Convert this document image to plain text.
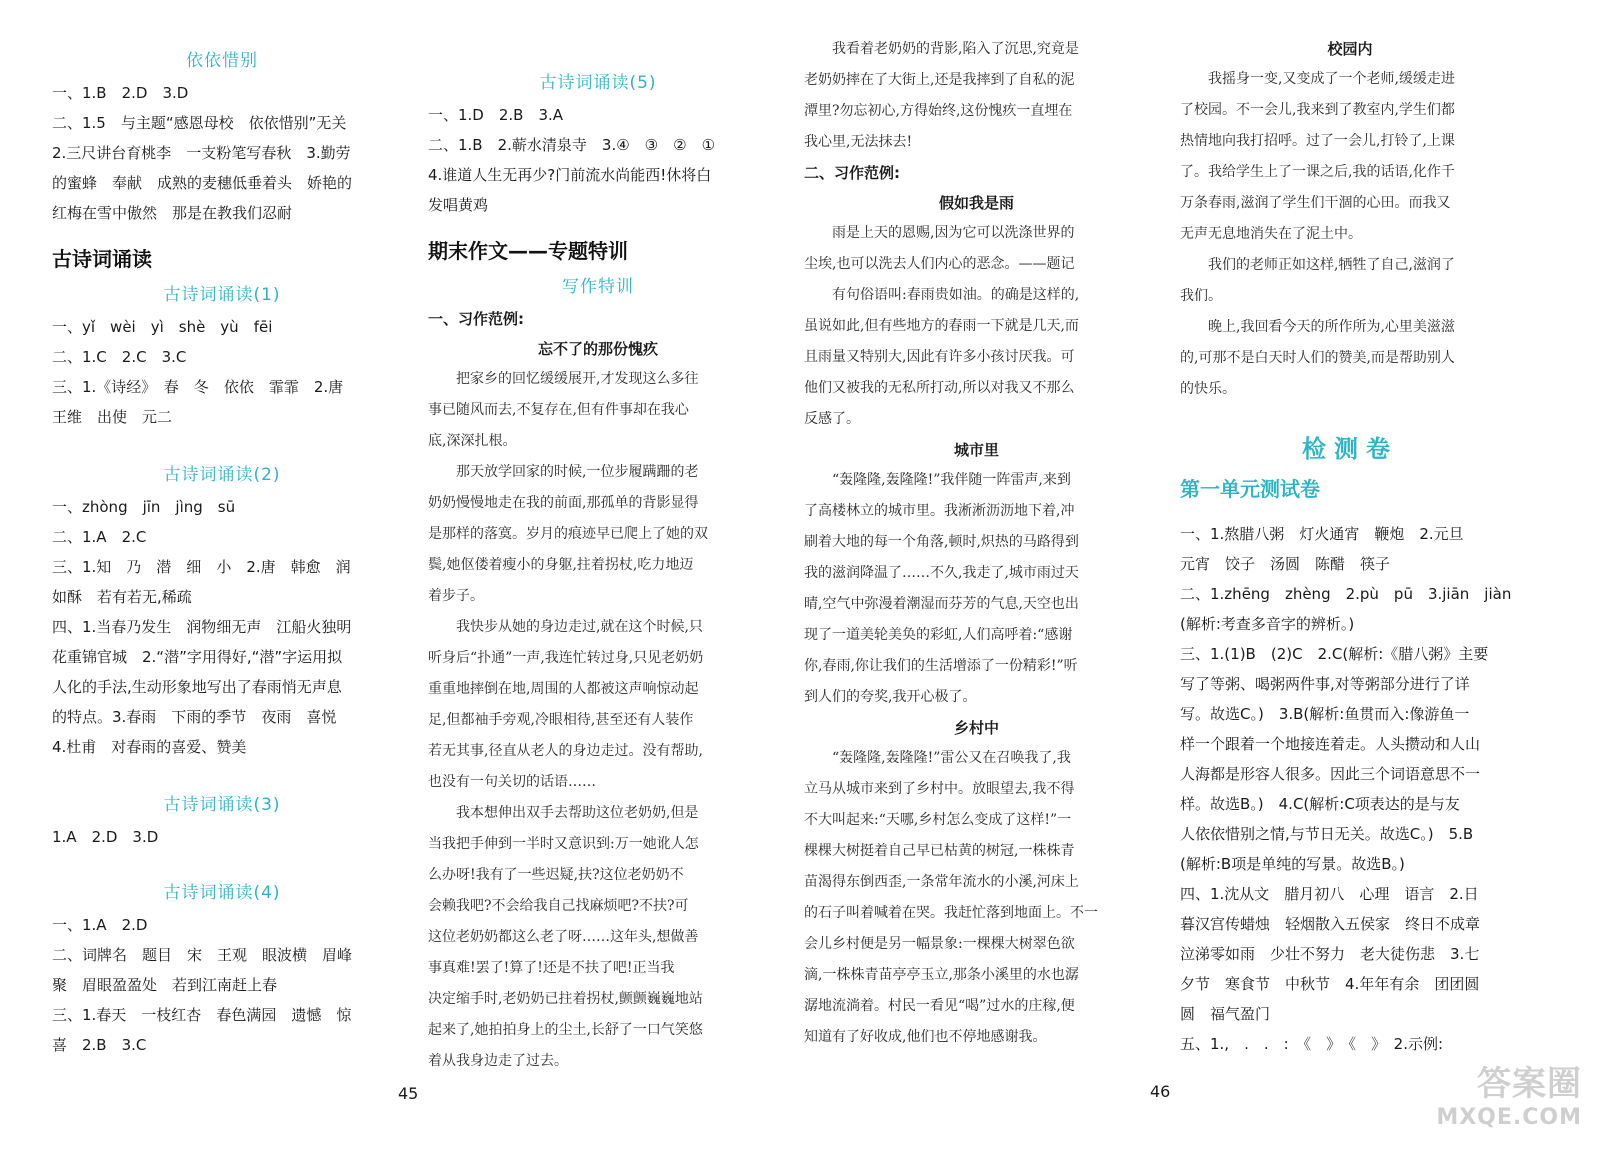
依依惜别
一、1.B　2.D　3.D
二、1.5　与主题“感恩母校　依依惜别”无关
2.三尺讲台育桃李　一支粉笔写春秋　3.勤劳
的蜜蜂　奉献　成熟的麦穗低垂着头　娇艳的
红梅在雪中傲然　那是在教我们忍耐
古诗词诵读
古诗词诵读(1)
一、yǐ　wèi　yì　shè　yù　fēi
二、1.C　2.C　3.C
三、1.《诗经》　春　冬　依依　霏霏　2.唐
王维　出使　元二
古诗词诵读(2)
一、zhòng　jīn　jìng　sū
二、1.A　2.C
三、1.知　乃　潜　细　小　2.唐　韩愈　润
如酥　若有若无,稀疏
四、1.当春乃发生　润物细无声　江船火独明
花重锦官城　2.“潜”字用得好,“潜”字运用拟
人化的手法,生动形象地写出了春雨悄无声息
的特点。3.春雨　下雨的季节　夜雨　喜悦
4.杜甫　对春雨的喜爱、赞美
古诗词诵读(3)
1.A　2.D　3.D
古诗词诵读(4)
一、1.A　2.D
二、词牌名　题目　宋　王观　眼波横　眉峰
聚　眉眼盈盈处　若到江南赶上春
三、1.春天　一枝红杏　春色满园　遗憾　惊
喜　2.B　3.C
古诗词诵读(5)
一、1.D　2.B　3.A
二、1.B　2.蕲水清泉寺　3.④　③　②　①
4.谁道人生无再少?门前流水尚能西!休将白
发唱黄鸡
期末作文——专题特训
写作特训
一、习作范例:
忘不了的那份愧疚
　　把家乡的回忆缓缓展开,才发现这么多往
事已随风而去,不复存在,但有件事却在我心
底,深深扎根。
　　那天放学回家的时候,一位步履蹒跚的老
奶奶慢慢地走在我的前面,那孤单的背影显得
是那样的落寞。岁月的痕迹早已爬上了她的双
鬓,她伛偻着瘦小的身躯,拄着拐杖,吃力地迈
着步子。
　　我快步从她的身边走过,就在这个时候,只
听身后“扑通”一声,我连忙转过身,只见老奶奶
重重地摔倒在地,周围的人都被这声响惊动起
足,但都袖手旁观,冷眼相待,甚至还有人装作
若无其事,径直从老人的身边走过。没有帮助,
也没有一句关切的话语……
　　我本想伸出双手去帮助这位老奶奶,但是
当我把手伸到一半时又意识到:万一她讹人怎
么办呀!我有了一些迟疑,扶?这位老奶奶不
会赖我吧?不会给我自己找麻烦吧?不扶?可
这位老奶奶都这么老了呀……这年头,想做善
事真难!罢了!算了!还是不扶了吧!正当我
决定缩手时,老奶奶已拄着拐杖,颤颤巍巍地站
起来了,她拍拍身上的尘土,长舒了一口气笑悠
着从我身边走了过去。
45
　　我看着老奶奶的背影,陷入了沉思,究竟是
老奶奶摔在了大街上,还是我摔到了自私的泥
潭里?勿忘初心,方得始终,这份愧疚一直埋在
我心里,无法抹去!
二、习作范例:
假如我是雨
　　雨是上天的恩赐,因为它可以洗涤世界的
尘埃,也可以洗去人们内心的恶念。——题记
　　有句俗语叫:春雨贵如油。的确是这样的,
虽说如此,但有些地方的春雨一下就是几天,而
且雨量又特别大,因此有许多小孩讨厌我。可
他们又被我的无私所打动,所以对我又不那么
反感了。
城市里
　　“轰隆隆,轰隆隆!”我伴随一阵雷声,来到
了高楼林立的城市里。我淅淅沥沥地下着,冲
刷着大地的每一个角落,顿时,炽热的马路得到
我的滋润降温了……不久,我走了,城市雨过天
晴,空气中弥漫着潮湿而芬芳的气息,天空也出
现了一道美轮美奂的彩虹,人们高呼着:“感谢
你,春雨,你让我们的生活增添了一份精彩!”听
到人们的夸奖,我开心极了。
乡村中
　　“轰隆隆,轰隆隆!”雷公又在召唤我了,我
立马从城市来到了乡村中。放眼望去,我不得
不大叫起来:“天哪,乡村怎么变成了这样!”一
棵棵大树挺着自己早已枯黄的树冠,一株株青
苗渴得东倒西歪,一条常年流水的小溪,河床上
的石子叫着喊着在哭。我赶忙落到地面上。不一
会儿乡村便是另一幅景象:一棵棵大树翠色欲
滴,一株株青苗亭亭玉立,那条小溪里的水也潺
潺地流淌着。村民一看见“喝”过水的庄稼,便
知道有了好收成,他们也不停地感谢我。
校园内
　　我摇身一变,又变成了一个老师,缓缓走进
了校园。不一会儿,我来到了教室内,学生们都
热情地向我打招呼。过了一会儿,打铃了,上课
了。我给学生上了一课之后,我的话语,化作千
万条春雨,滋润了学生们干涸的心田。而我又
无声无息地消失在了泥土中。
　　我们的老师正如这样,牺牲了自己,滋润了
我们。
　　晚上,我回看今天的所作所为,心里美滋滋
的,可那不是白天时人们的赞美,而是帮助别人
的快乐。
检测卷
第一单元测试卷
一、1.熬腊八粥　灯火通宵　鞭炮　2.元旦
元宵　饺子　汤圆　陈醋　筷子
二、1.zhēng　zhèng　2.pù　pū　3.jiān　jiàn
(解析:考查多音字的辨析。)
三、1.(1)B　(2)C　2.C(解析:《腊八粥》主要
写了等粥、喝粥两件事,对等粥部分进行了详
写。故选C。)　3.B(解析:鱼贯而入:像游鱼一
样一个跟着一个地接连着走。人头攒动和人山
人海都是形容人很多。因此三个词语意思不一
样。故选B。)　4.C(解析:C项表达的是与友
人依依惜别之情,与节日无关。故选C。)　5.B
(解析:B项是单纯的写景。故选B。)
四、1.沈从文　腊月初八　心理　语言　2.日
暮汉宫传蜡烛　轻烟散入五侯家　终日不成章
泣涕零如雨　少壮不努力　老大徒伤悲　3.七
夕节　寒食节　中秋节　4.年年有余　团团圆
圆　福气盈门
五、1.,　.　.　:　《　》　《　》　2.示例:
46	答案圈
MXQE.COM
